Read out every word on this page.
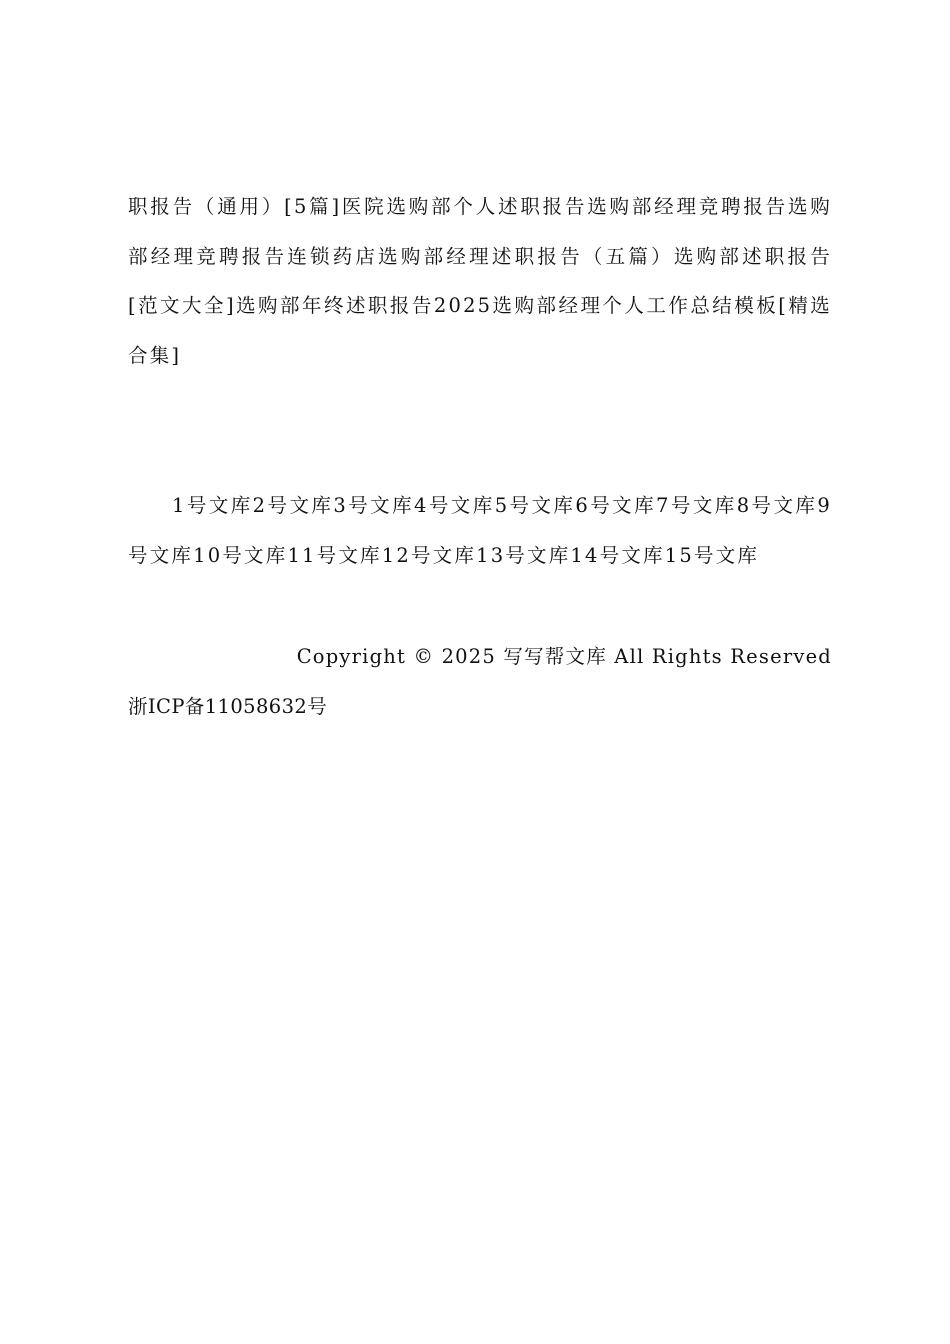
职报告（通用）[5篇]医院选购部个人述职报告选购部经理竞聘报告选购部经理竞聘报告连锁药店选购部经理述职报告（五篇）选购部述职报告[范文大全]选购部年终述职报告2025选购部经理个人工作总结模板[精选合集]
1号文库2号文库3号文库4号文库5号文库6号文库7号文库8号文库9号文库10号文库11号文库12号文库13号文库14号文库15号文库
Copyright © 2025 写写帮文库 All Rights Reserved
浙ICP备11058632号
